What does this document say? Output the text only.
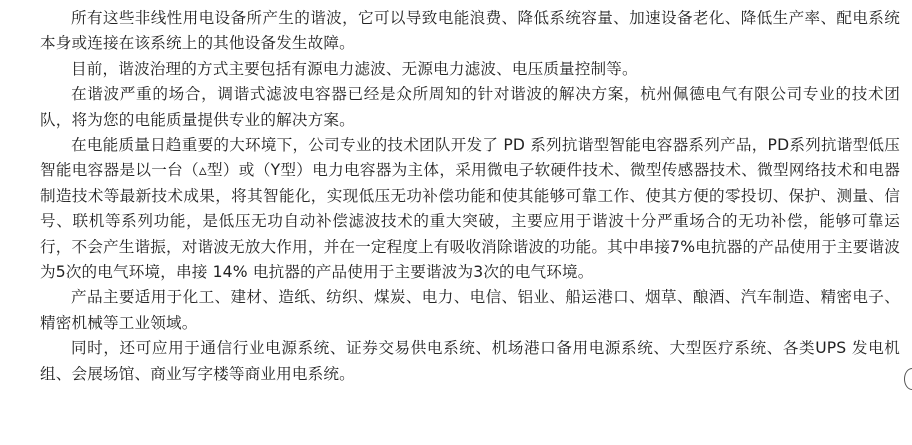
所有这些非线性用电设备所产生的谐波，它可以导致电能浪费、降低系统容量、加速设备老化、降低生产率、配电系统本身或连接在该系统上的其他设备发生故障。

目前，谐波治理的方式主要包括有源电力滤波、无源电力滤波、电压质量控制等。

在谐波严重的场合，调谐式滤波电容器已经是众所周知的针对谐波的解决方案，杭州佩德电气有限公司专业的技术团队，将为您的电能质量提供专业的解决方案。

在电能质量日趋重要的大环境下，公司专业的技术团队开发了 PD 系列抗谐型智能电容器系列产品，PD系列抗谐型低压智能电容器是以一台（▵型）或（Y型）电力电容器为主体，采用微电子软硬件技术、微型传感器技术、微型网络技术和电器制造技术等最新技术成果，将其智能化，实现低压无功补偿功能和使其能够可靠工作、使其方便的零投切、保护、测量、信号、联机等系列功能，是低压无功自动补偿滤波技术的重大突破，主要应用于谐波十分严重场合的无功补偿，能够可靠运行，不会产生谐振，对谐波无放大作用，并在一定程度上有吸收消除谐波的功能。其中串接7%电抗器的产品使用于主要谐波为5次的电气环境，串接 14% 电抗器的产品使用于主要谐波为3次的电气环境。

产品主要适用于化工、建材、造纸、纺织、煤炭、电力、电信、铝业、船运港口、烟草、酿酒、汽车制造、精密电子、精密机械等工业领域。

同时，还可应用于通信行业电源系统、证券交易供电系统、机场港口备用电源系统、大型医疗系统、各类UPS 发电机组、会展场馆、商业写字楼等商业用电系统。
